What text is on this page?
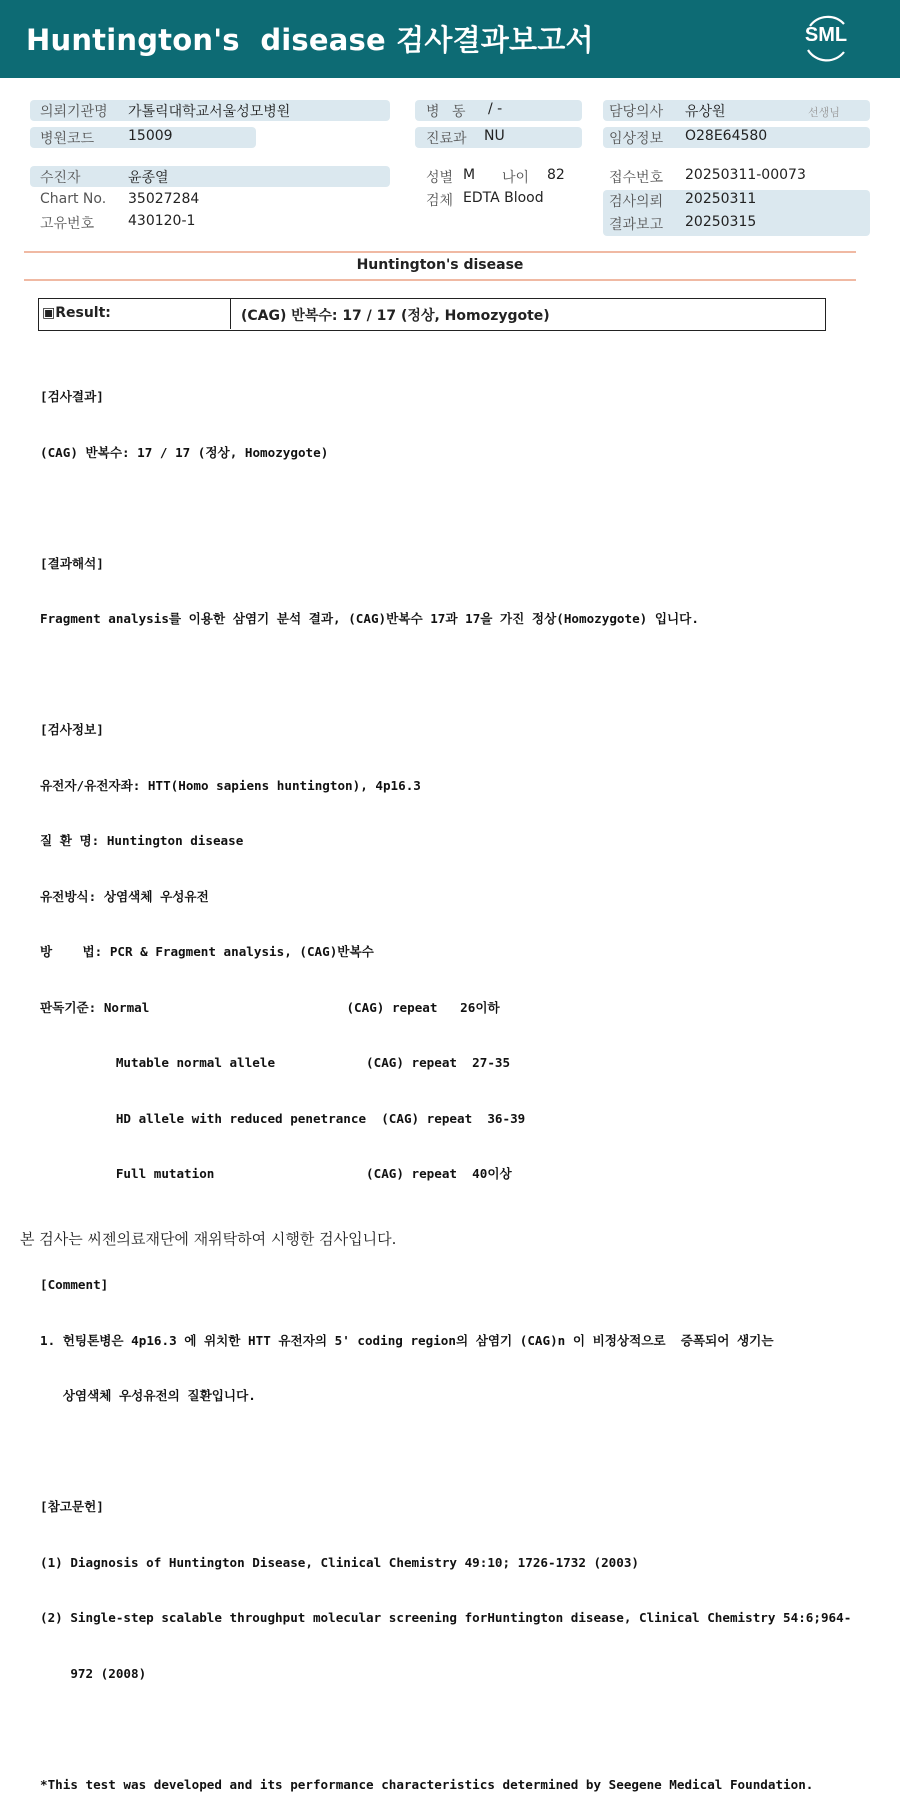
Huntington's  disease 검사결과보고서	SML
의뢰기관명 가톨릭대학교서울성모병원
병원코드 15009
병 동 / -
진료과 NU
담당의사 유상원	선생님
임상정보 O28E64580
수진자	윤종열
Chart No. 35027284
고유번호 430120-1
성별 M 나이 82
검체 EDTA Blood
접수번호 20250311-00073
검사의뢰 20250311
결과보고 20250315
Huntington's disease
▣Result:	(CAG) 반복수: 17 / 17 (정상, Homozygote)

[검사결과]

(CAG) 반복수: 17 / 17 (정상, Homozygote)

[결과해석]

Fragment analysis를 이용한 삼염기 분석 결과, (CAG)반복수 17과 17을 가진 정상(Homozygote) 입니다.

[검사정보]

유전자/유전자좌: HTT(Homo sapiens huntington), 4p16.3

질 환 명: Huntington disease

유전방식: 상염색체 우성유전

방    법: PCR & Fragment analysis, (CAG)반복수

판독기준: Normal                          (CAG) repeat   26이하

Mutable normal allele            (CAG) repeat  27-35

HD allele with reduced penetrance  (CAG) repeat  36-39

Full mutation                    (CAG) repeat  40이상

[Comment]

1. 헌팅톤병은 4p16.3 에 위치한 HTT 유전자의 5' coding region의 삼염기 (CAG)n 이 비정상적으로  증폭되어 생기는

상염색체 우성유전의 질환입니다.

[참고문헌]

(1) Diagnosis of Huntington Disease, Clinical Chemistry 49:10; 1726-1732 (2003)

(2) Single-step scalable throughput molecular screening forHuntington disease, Clinical Chemistry 54:6;964-

972 (2008)

*This test was developed and its performance characteristics determined by Seegene Medical Foundation.

본 검사는 씨젠의료재단에 재위탁하여 시행한 검사입니다.
